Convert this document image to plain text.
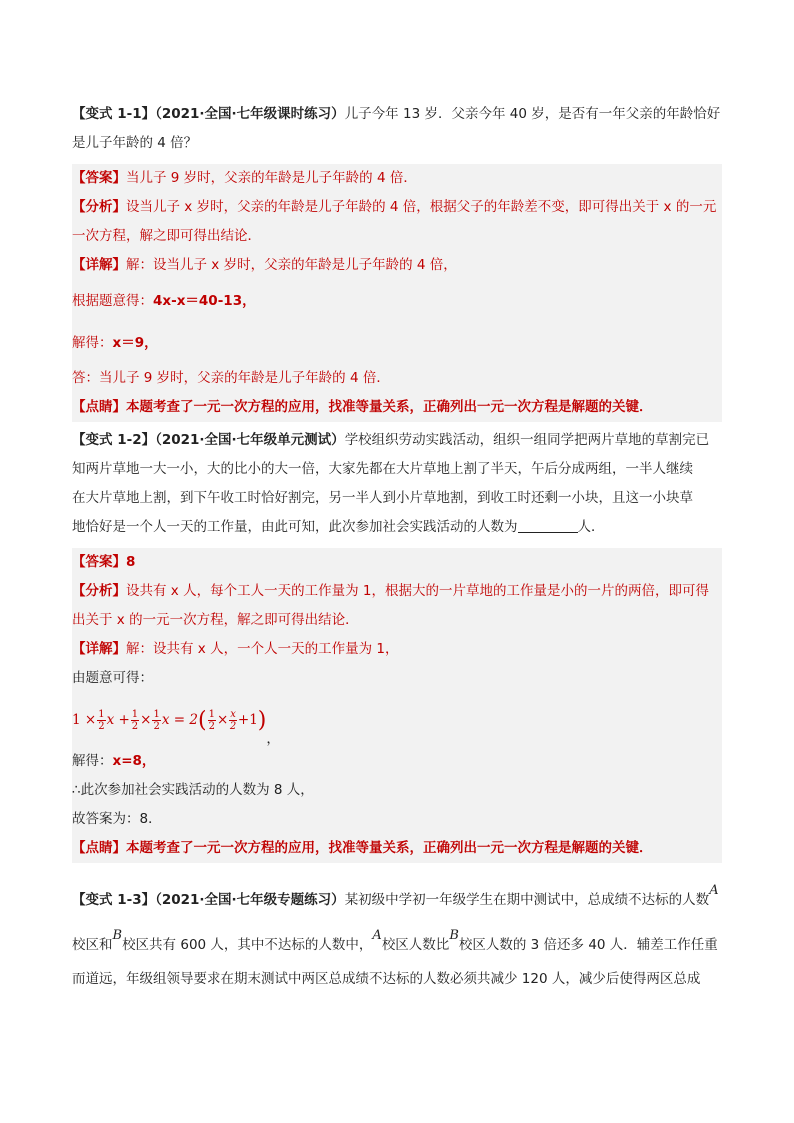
【变式 1-1】（2021·全国·七年级课时练习）儿子今年 13 岁．父亲今年 40 岁，是否有一年父亲的年龄恰好
是儿子年龄的 4 倍？
【答案】当儿子 9 岁时，父亲的年龄是儿子年龄的 4 倍．
【分析】设当儿子 x 岁时，父亲的年龄是儿子年龄的 4 倍，根据父子的年龄差不变，即可得出关于 x 的一元
一次方程，解之即可得出结论．
【详解】解：设当儿子 x 岁时，父亲的年龄是儿子年龄的 4 倍，
根据题意得：4x-x＝40-13，
解得：x＝9，
答：当儿子 9 岁时，父亲的年龄是儿子年龄的 4 倍．
【点睛】本题考查了一元一次方程的应用，找准等量关系，正确列出一元一次方程是解题的关键．
【变式 1-2】（2021·全国·七年级单元测试）学校组织劳动实践活动，组织一组同学把两片草地的草割完已
知两片草地一大一小，大的比小的大一倍，大家先都在大片草地上割了半天，午后分成两组，一半人继续
在大片草地上割，到下午收工时恰好割完，另一半人到小片草地割，到收工时还剩一小块，且这一小块草
地恰好是一个人一天的工作量，由此可知，此次参加社会实践活动的人数为	人．
【答案】8
【分析】设共有 x 人，每个工人一天的工作量为 1，根据大的一片草地的工作量是小的一片的两倍，即可得
出关于 x 的一元一次方程，解之即可得出结论．
【详解】解：设共有 x 人，一个人一天的工作量为 1，
由题意可得：
$1 \times \frac{1}{2}$ $x + \frac{1}{2} \times \frac{1}{2}$ x = 2 ( $\frac{1}{2} \times \frac{x}{2} +1$ )
，
解得：x=8，
∴此次参加社会实践活动的人数为 8 人，
故答案为：8．
【点睛】本题考查了一元一次方程的应用，找准等量关系，正确列出一元一次方程是解题的关键．
【变式 1-3】（2021·全国·七年级专题练习）某初级中学初一年级学生在期中测试中，总成绩不达标的人数A
校区和B校区共有 600 人，其中不达标的人数中，A校区人数比B校区人数的 3 倍还多 40 人．辅差工作任重
而道远，年级组领导要求在期末测试中两区总成绩不达标的人数必须共减少 120 人，减少后使得两区总成
